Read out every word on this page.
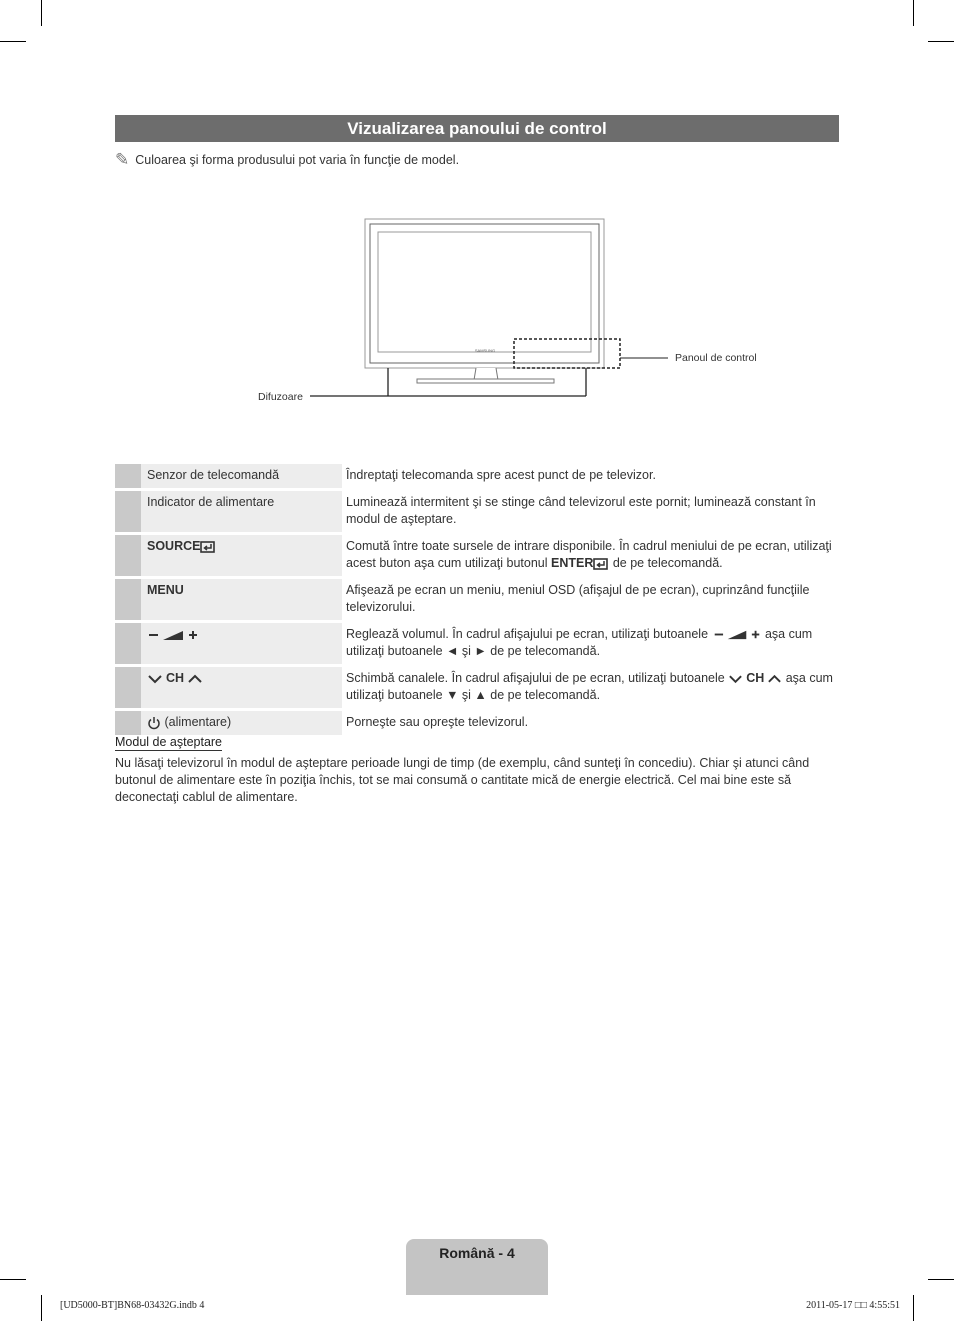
Vizualizarea panoului de control
✎ Culoarea şi forma produsului pot varia în funcţie de model.
SAMSUNG
Panoul de control
Difuzoare
	Senzor de telecomandă	Îndreptaţi telecomanda spre acest punct de pe televizor.
	Indicator de alimentare	Luminează intermitent şi se stinge când televizorul este pornit; luminează constant în modul de aşteptare.
	SOURCE	Comută între toate sursele de intrare disponibile. În cadrul meniului de pe ecran, utilizaţi acest buton aşa cum utilizaţi butonul ENTER de pe telecomandă.
	MENU	Afişează pe ecran un meniu, meniul OSD (afişajul de pe ecran), cuprinzând funcţiile televizorului.
		Reglează volumul. În cadrul afişajului pe ecran, utilizaţi butoanele aşa cum utilizaţi butoanele ◄ şi ► de pe telecomandă.
	CH	Schimbă canalele. În cadrul afişajului de pe ecran, utilizaţi butoanele CH aşa cum utilizaţi butoanele ▼ şi ▲ de pe telecomandă.
	(alimentare)	Porneşte sau opreşte televizorul.
Modul de aşteptare
Nu lăsaţi televizorul în modul de aşteptare perioade lungi de timp (de exemplu, când sunteţi în concediu). Chiar şi atunci când butonul de alimentare este în poziţia închis, tot se mai consumă o cantitate mică de energie electrică. Cel mai bine este să deconectaţi cablul de alimentare.
Română - 4
[UD5000-BT]BN68-03432G.indb 4	2011-05-17 □□ 4:55:51
